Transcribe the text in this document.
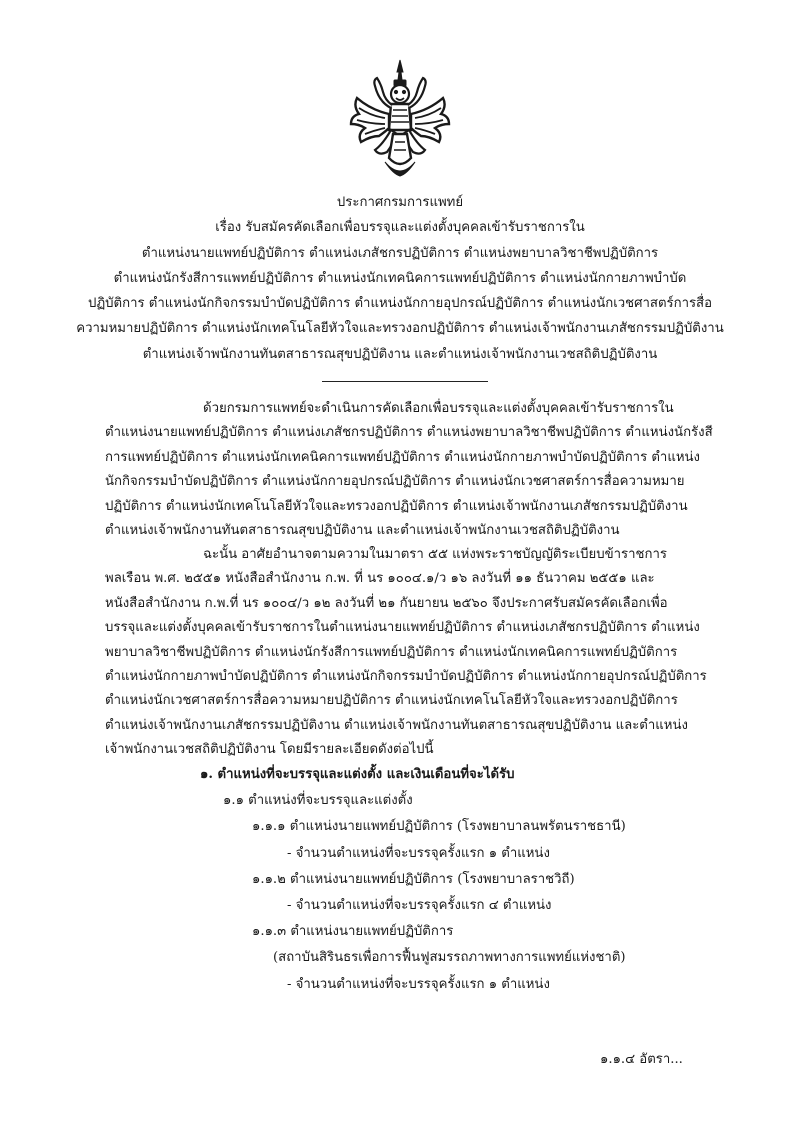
ประกาศกรมการแพทย์
เรื่อง รับสมัครคัดเลือกเพื่อบรรจุและแต่งตั้งบุคคลเข้ารับราชการใน
ตำแหน่งนายแพทย์ปฏิบัติการ ตำแหน่งเภสัชกรปฏิบัติการ ตำแหน่งพยาบาลวิชาชีพปฏิบัติการ
ตำแหน่งนักรังสีการแพทย์ปฏิบัติการ ตำแหน่งนักเทคนิคการแพทย์ปฏิบัติการ ตำแหน่งนักกายภาพบำบัด
ปฏิบัติการ ตำแหน่งนักกิจกรรมบำบัดปฏิบัติการ ตำแหน่งนักกายอุปกรณ์ปฏิบัติการ ตำแหน่งนักเวชศาสตร์การสื่อ
ความหมายปฏิบัติการ ตำแหน่งนักเทคโนโลยีหัวใจและทรวงอกปฏิบัติการ ตำแหน่งเจ้าพนักงานเภสัชกรรมปฏิบัติงาน
ตำแหน่งเจ้าพนักงานทันตสาธารณสุขปฏิบัติงาน และตำแหน่งเจ้าพนักงานเวชสถิติปฏิบัติงาน
ด้วยกรมการแพทย์จะดำเนินการคัดเลือกเพื่อบรรจุและแต่งตั้งบุคคลเข้ารับราชการใน
ตำแหน่งนายแพทย์ปฏิบัติการ ตำแหน่งเภสัชกรปฏิบัติการ ตำแหน่งพยาบาลวิชาชีพปฏิบัติการ ตำแหน่งนักรังสี
การแพทย์ปฏิบัติการ ตำแหน่งนักเทคนิคการแพทย์ปฏิบัติการ ตำแหน่งนักกายภาพบำบัดปฏิบัติการ ตำแหน่ง
นักกิจกรรมบำบัดปฏิบัติการ ตำแหน่งนักกายอุปกรณ์ปฏิบัติการ ตำแหน่งนักเวชศาสตร์การสื่อความหมาย
ปฏิบัติการ ตำแหน่งนักเทคโนโลยีหัวใจและทรวงอกปฏิบัติการ ตำแหน่งเจ้าพนักงานเภสัชกรรมปฏิบัติงาน
ตำแหน่งเจ้าพนักงานทันตสาธารณสุขปฏิบัติงาน และตำแหน่งเจ้าพนักงานเวชสถิติปฏิบัติงาน
ฉะนั้น อาศัยอำนาจตามความในมาตรา ๕๕ แห่งพระราชบัญญัติระเบียบข้าราชการ
พลเรือน พ.ศ. ๒๕๕๑ หนังสือสำนักงาน ก.พ. ที่ นร ๑๐๐๔.๑/ว ๑๖ ลงวันที่ ๑๑ ธันวาคม ๒๕๕๑ และ
หนังสือสำนักงาน ก.พ.ที่ นร ๑๐๐๔/ว ๑๒ ลงวันที่ ๒๑ กันยายน ๒๕๖๐ จึงประกาศรับสมัครคัดเลือกเพื่อ
บรรจุและแต่งตั้งบุคคลเข้ารับราชการในตำแหน่งนายแพทย์ปฏิบัติการ ตำแหน่งเภสัชกรปฏิบัติการ ตำแหน่ง
พยาบาลวิชาชีพปฏิบัติการ ตำแหน่งนักรังสีการแพทย์ปฏิบัติการ ตำแหน่งนักเทคนิคการแพทย์ปฏิบัติการ
ตำแหน่งนักกายภาพบำบัดปฏิบัติการ ตำแหน่งนักกิจกรรมบำบัดปฏิบัติการ ตำแหน่งนักกายอุปกรณ์ปฏิบัติการ
ตำแหน่งนักเวชศาสตร์การสื่อความหมายปฏิบัติการ ตำแหน่งนักเทคโนโลยีหัวใจและทรวงอกปฏิบัติการ
ตำแหน่งเจ้าพนักงานเภสัชกรรมปฏิบัติงาน ตำแหน่งเจ้าพนักงานทันตสาธารณสุขปฏิบัติงาน และตำแหน่ง
เจ้าพนักงานเวชสถิติปฏิบัติงาน โดยมีรายละเอียดดังต่อไปนี้
๑. ตำแหน่งที่จะบรรจุและแต่งตั้ง และเงินเดือนที่จะได้รับ
๑.๑ ตำแหน่งที่จะบรรจุและแต่งตั้ง
๑.๑.๑ ตำแหน่งนายแพทย์ปฏิบัติการ (โรงพยาบาลนพรัตนราชธานี)
- จำนวนตำแหน่งที่จะบรรจุครั้งแรก ๑ ตำแหน่ง
๑.๑.๒ ตำแหน่งนายแพทย์ปฏิบัติการ (โรงพยาบาลราชวิถี)
- จำนวนตำแหน่งที่จะบรรจุครั้งแรก ๔ ตำแหน่ง
๑.๑.๓ ตำแหน่งนายแพทย์ปฏิบัติการ
(สถาบันสิรินธรเพื่อการฟื้นฟูสมรรถภาพทางการแพทย์แห่งชาติ)
- จำนวนตำแหน่งที่จะบรรจุครั้งแรก ๑ ตำแหน่ง
๑.๑.๔ อัตรา...
